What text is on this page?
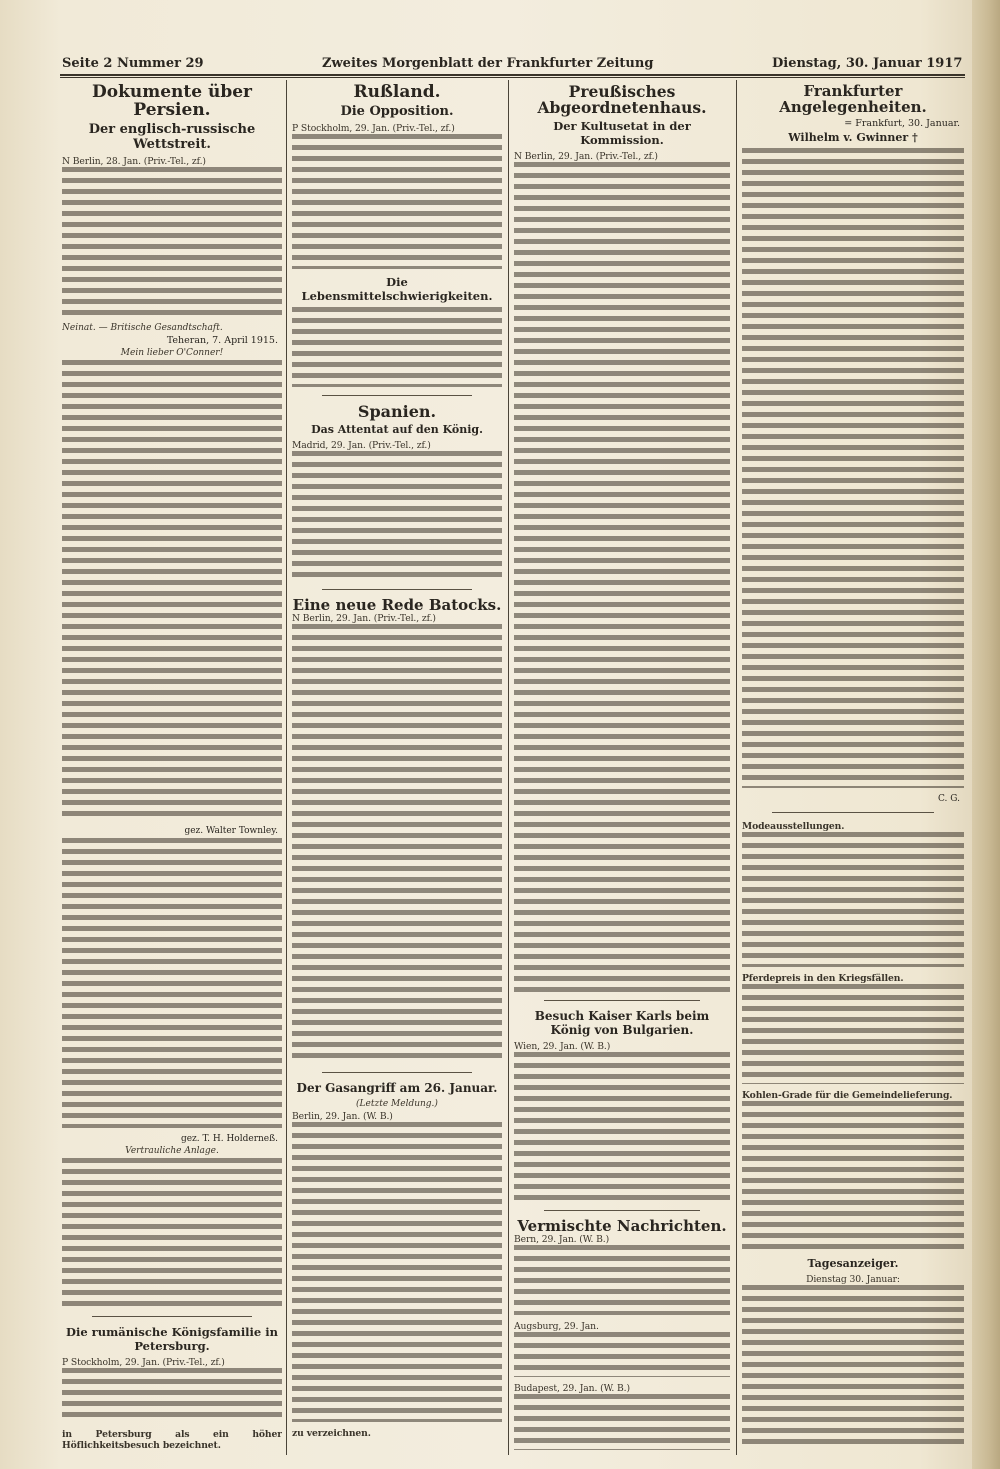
Seite 2 Nummer 29	Zweites Morgenblatt der Frankfurter Zeitung	Dienstag, 30. Januar 1917
Dokumente über Persien.
Der englisch-russische Wettstreit.

N Berlin, 28. Jan. (Priv.-Tel., zf.)

Neinat. — Britische Gesandtschaft.

Teheran, 7. April 1915.

Mein lieber O'Conner!

gez. Walter Townley.

gez. T. H. Holderneß.

Vertrauliche Anlage.

Die rumänische Königsfamilie in Petersburg.

P Stockholm, 29. Jan. (Priv.-Tel., zf.)

in Petersburg als ein höher Höflichkeitsbesuch bezeichnet.

Rußland.
Die Opposition.

P Stockholm, 29. Jan. (Priv.-Tel., zf.)

Die Lebensmittelschwierigkeiten.
Spanien.
Das Attentat auf den König.

Madrid, 29. Jan. (Priv.-Tel., zf.)

Eine neue Rede Batocks.

N Berlin, 29. Jan. (Priv.-Tel., zf.)

Der Gasangriff am 26. Januar.

(Letzte Meldung.)

Berlin, 29. Jan. (W. B.)

zu verzeichnen.

Preußisches Abgeordnetenhaus.
Der Kultusetat in der Kommission.

N Berlin, 29. Jan. (Priv.-Tel., zf.)

Besuch Kaiser Karls beim König von Bulgarien.

Wien, 29. Jan. (W. B.)

Vermischte Nachrichten.

Bern, 29. Jan. (W. B.)

Augsburg, 29. Jan.

Budapest, 29. Jan. (W. B.)

Frankfurter Angelegenheiten.

= Frankfurt, 30. Januar.

Wilhelm v. Gwinner †

C. G.

Modeausstellungen.

Pferdepreis in den Kriegsfällen.

Kohlen-Grade für die Gemeindelieferung.

Tagesanzeiger.

Dienstag 30. Januar:
